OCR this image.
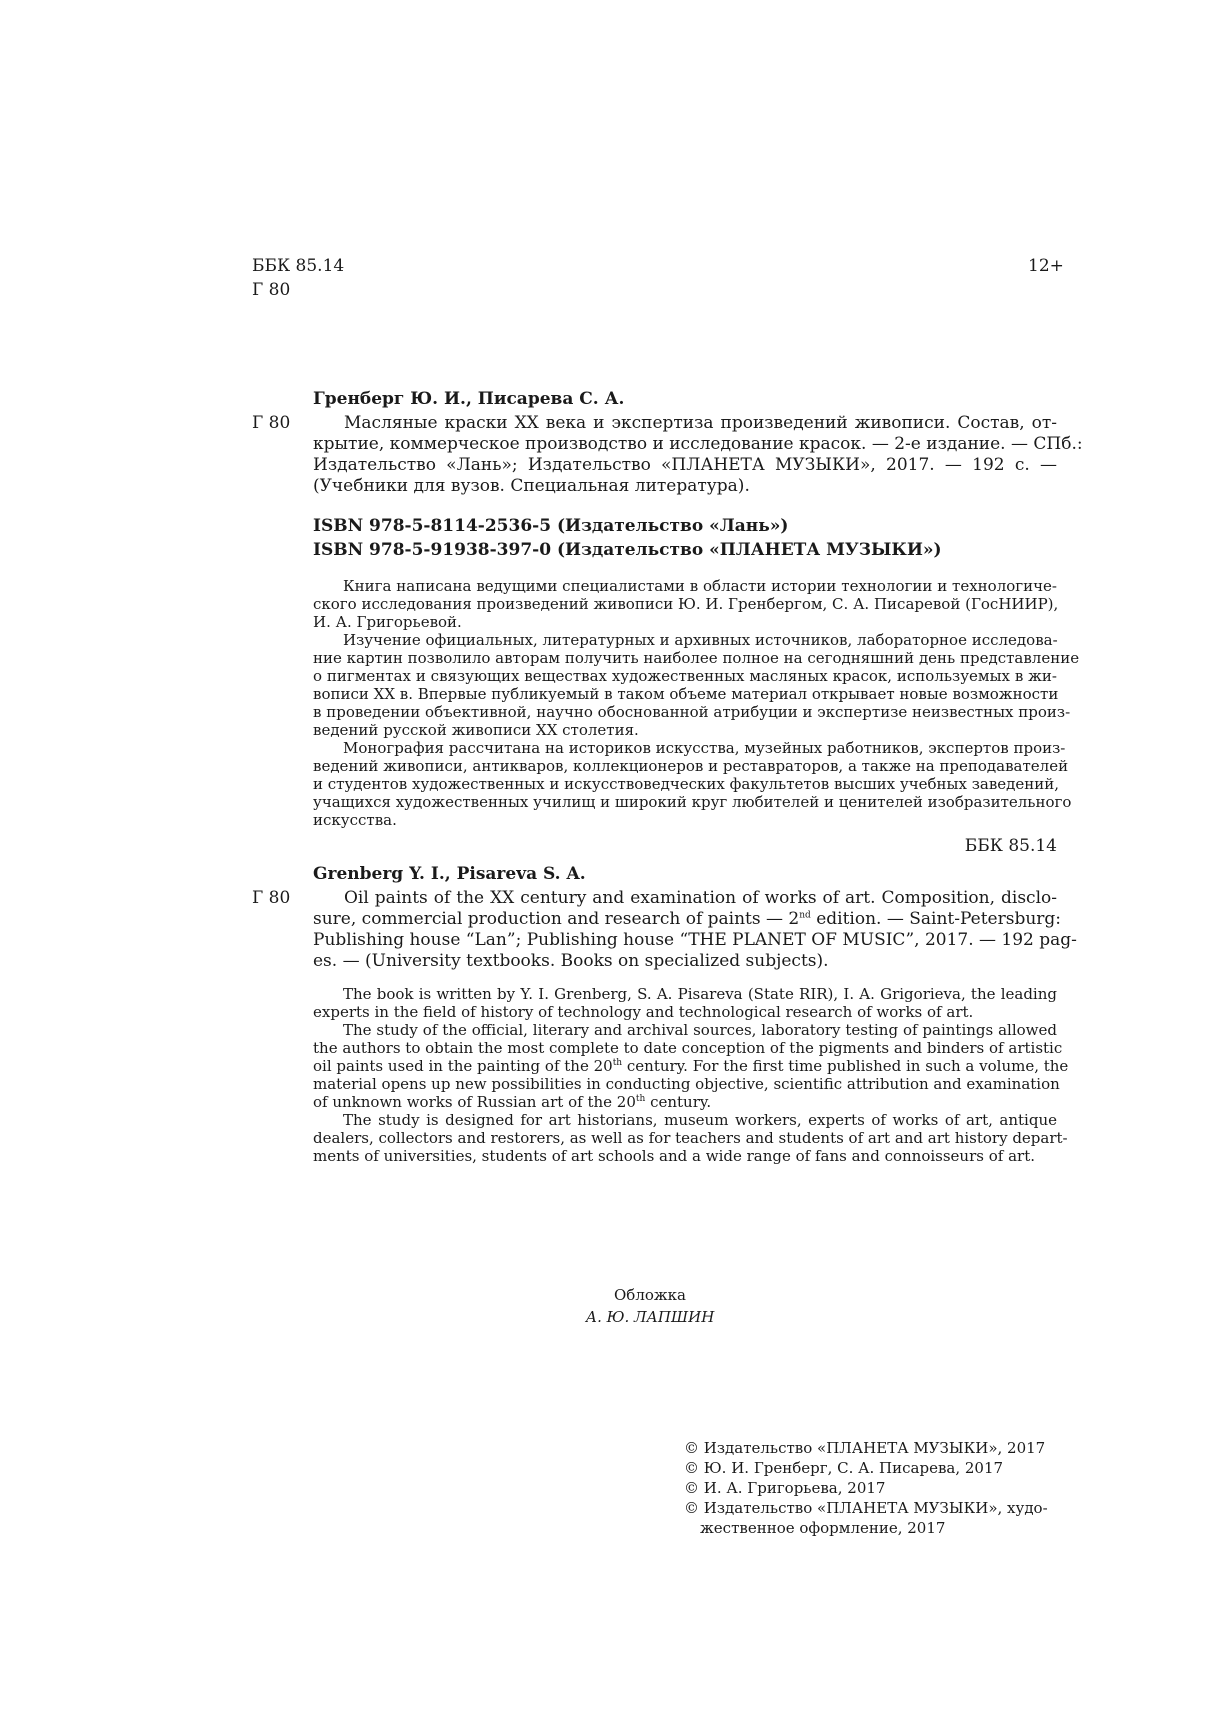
ББК 85.14
Г 80
12+
Гренберг Ю. И., Писарева С. А.
Г 80	Масляные краски XX века и экспертиза произведений живописи. Состав, от-
крытие, коммерческое производство и исследование красок. — 2-е издание. — СПб.:
Издательство «Лань»; Издательство «ПЛАНЕТА МУЗЫКИ», 2017. — 192 с. —
(Учебники для вузов. Специальная литература).
ISBN 978-5-8114-2536-5 (Издательство «Лань»)
ISBN 978-5-91938-397-0 (Издательство «ПЛАНЕТА МУЗЫКИ»)
Книга написана ведущими специалистами в области истории технологии и технологиче-
ского исследования произведений живописи Ю. И. Гренбергом, С. А. Писаревой (ГосНИИР),
И. А. Григорьевой.
Изучение официальных, литературных и архивных источников, лабораторное исследова-
ние картин позволило авторам получить наиболее полное на сегодняшний день представление
о пигментах и связующих веществах художественных масляных красок, используемых в жи-
вописи XX в. Впервые публикуемый в таком объеме материал открывает новые возможности
в проведении объективной, научно обоснованной атрибуции и экспертизе неизвестных произ-
ведений русской живописи XX столетия.
Монография рассчитана на историков искусства, музейных работников, экспертов произ-
ведений живописи, антикваров, коллекционеров и реставраторов, а также на преподавателей
и студентов художественных и искусствоведческих факультетов высших учебных заведений,
учащихся художественных училищ и широкий круг любителей и ценителей изобразительного
искусства.
ББК 85.14
Grenberg Y. I., Pisareva S. A.
Г 80	Oil paints of the XX century and examination of works of art. Composition, disclo-
sure, commercial production and research of paints — 2nd edition. — Saint-Petersburg:
Publishing house “Lan”; Publishing house “THE PLANET OF MUSIC”, 2017. — 192 pag-
es. — (University textbooks. Books on specialized subjects).
The book is written by Y. I. Grenberg, S. A. Pisareva (State RIR), I. A. Grigorieva, the leading
experts in the field of history of technology and technological research of works of art.
The study of the official, literary and archival sources, laboratory testing of paintings allowed
the authors to obtain the most complete to date conception of the pigments and binders of artistic
oil paints used in the painting of the 20th century. For the first time published in such a volume, the
material opens up new possibilities in conducting objective, scientific attribution and examination
of unknown works of Russian art of the 20th century.
The study is designed for art historians, museum workers, experts of works of art, antique
dealers, collectors and restorers, as well as for teachers and students of art and art history depart-
ments of universities, students of art schools and a wide range of fans and connoisseurs of art.
Обложка
А. Ю. ЛАПШИН
© Издательство «ПЛАНЕТА МУЗЫКИ», 2017
© Ю. И. Гренберг, С. А. Писарева, 2017
© И. А. Григорьева, 2017
© Издательство «ПЛАНЕТА МУЗЫКИ», худо-
жественное оформление, 2017
